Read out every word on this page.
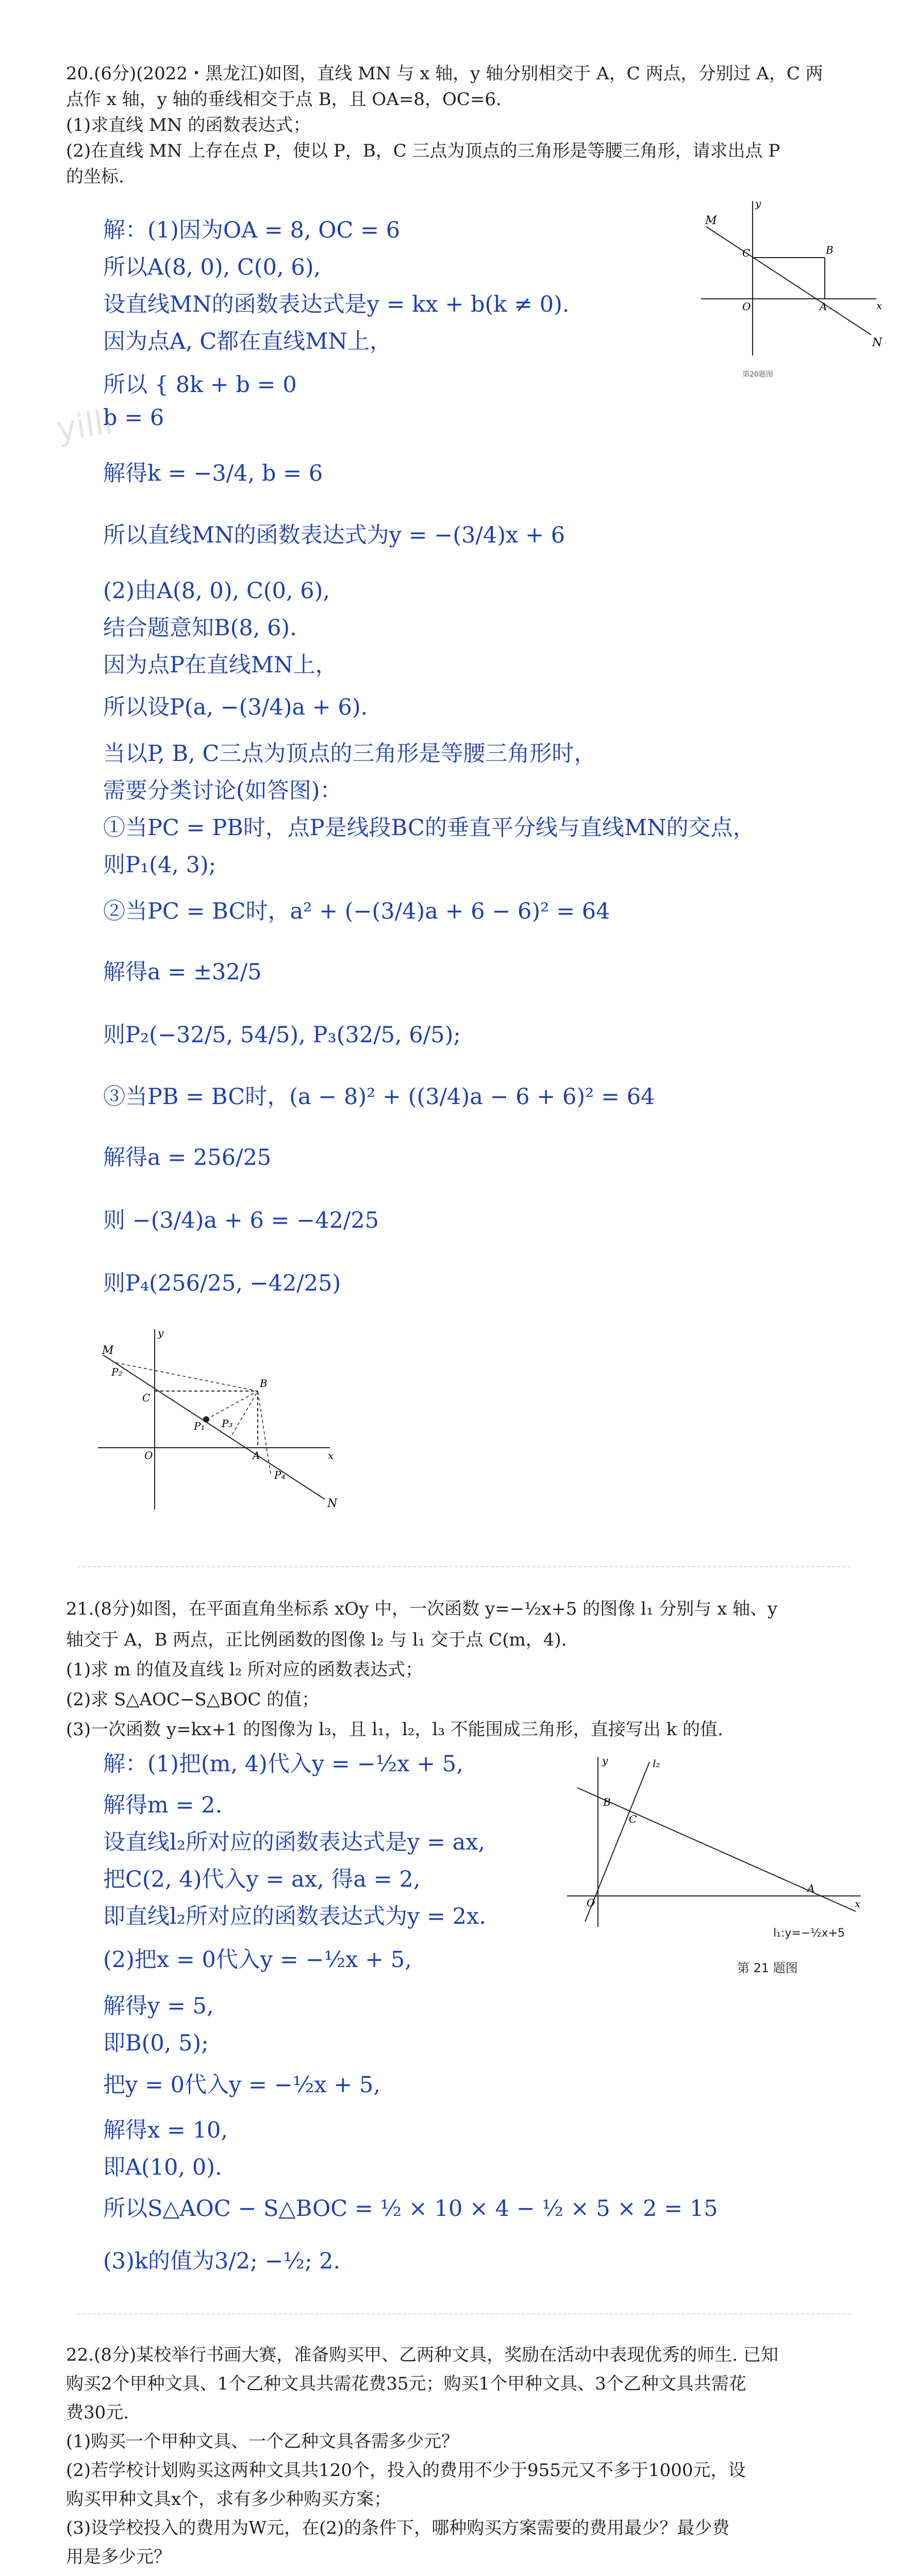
yilli
20.(6分)(2022・黑龙江)如图，直线 MN 与 x 轴，y 轴分别相交于 A，C 两点，分别过 A，C 两
点作 x 轴，y 轴的垂线相交于点 B，且 OA=8，OC=6.
(1)求直线 MN 的函数表达式；
(2)在直线 MN 上存在点 P，使以 P，B，C 三点为顶点的三角形是等腰三角形，请求出点 P
的坐标.
M
N
y
x
C	B
A
O
第20题图
解：(1)因为OA = 8, OC = 6
所以A(8, 0), C(0, 6),
设直线MN的函数表达式是y = kx + b(k ≠ 0).
因为点A, C都在直线MN上，
所以 { 8k + b = 0
b = 6
解得k = −3/4, b = 6
所以直线MN的函数表达式为y = −(3/4)x + 6
(2)由A(8, 0), C(0, 6),
结合题意知B(8, 6).
因为点P在直线MN上，
所以设P(a, −(3/4)a + 6).
当以P, B, C三点为顶点的三角形是等腰三角形时，
需要分类讨论(如答图)：
①当PC = PB时，点P是线段BC的垂直平分线与直线MN的交点，
则P₁(4, 3);
②当PC = BC时，a² + (−(3/4)a + 6 − 6)² = 64
解得a = ±32/5
则P₂(−32/5, 54/5), P₃(32/5, 6/5);
③当PB = BC时，(a − 8)² + ((3/4)a − 6 + 6)² = 64
解得a = 256/25
则 −(3/4)a + 6 = −42/25
则P₄(256/25, −42/25)
M
P₂
C
B
P₁ P₃
A
P₄
N
O
y
x
21.(8分)如图，在平面直角坐标系 xOy 中，一次函数 y=−½x+5 的图像 l₁ 分别与 x 轴、y
轴交于 A，B 两点，正比例函数的图像 l₂ 与 l₁ 交于点 C(m，4).
(1)求 m 的值及直线 l₂ 所对应的函数表达式；
(2)求 S△AOC−S△BOC 的值；
(3)一次函数 y=kx+1 的图像为 l₃，且 l₁，l₂，l₃ 不能围成三角形，直接写出 k 的值.
y
x
O
B
C
A
l₂
l₁:y=−½x+5
第 21 题图
解：(1)把(m, 4)代入y = −½x + 5,
解得m = 2.
设直线l₂所对应的函数表达式是y = ax,
把C(2, 4)代入y = ax, 得a = 2,
即直线l₂所对应的函数表达式为y = 2x.
(2)把x = 0代入y = −½x + 5,
解得y = 5,
即B(0, 5);
把y = 0代入y = −½x + 5,
解得x = 10,
即A(10, 0).
所以S△AOC − S△BOC = ½ × 10 × 4 − ½ × 5 × 2 = 15
(3)k的值为3/2; −½; 2.
22.(8分)某校举行书画大赛，准备购买甲、乙两种文具，奖励在活动中表现优秀的师生. 已知
购买2个甲种文具、1个乙种文具共需花费35元；购买1个甲种文具、3个乙种文具共需花
费30元.
(1)购买一个甲种文具、一个乙种文具各需多少元？
(2)若学校计划购买这两种文具共120个，投入的费用不少于955元又不多于1000元，设
购买甲种文具x个，求有多少种购买方案；
(3)设学校投入的费用为W元，在(2)的条件下，哪种购买方案需要的费用最少？最少费
用是多少元？
